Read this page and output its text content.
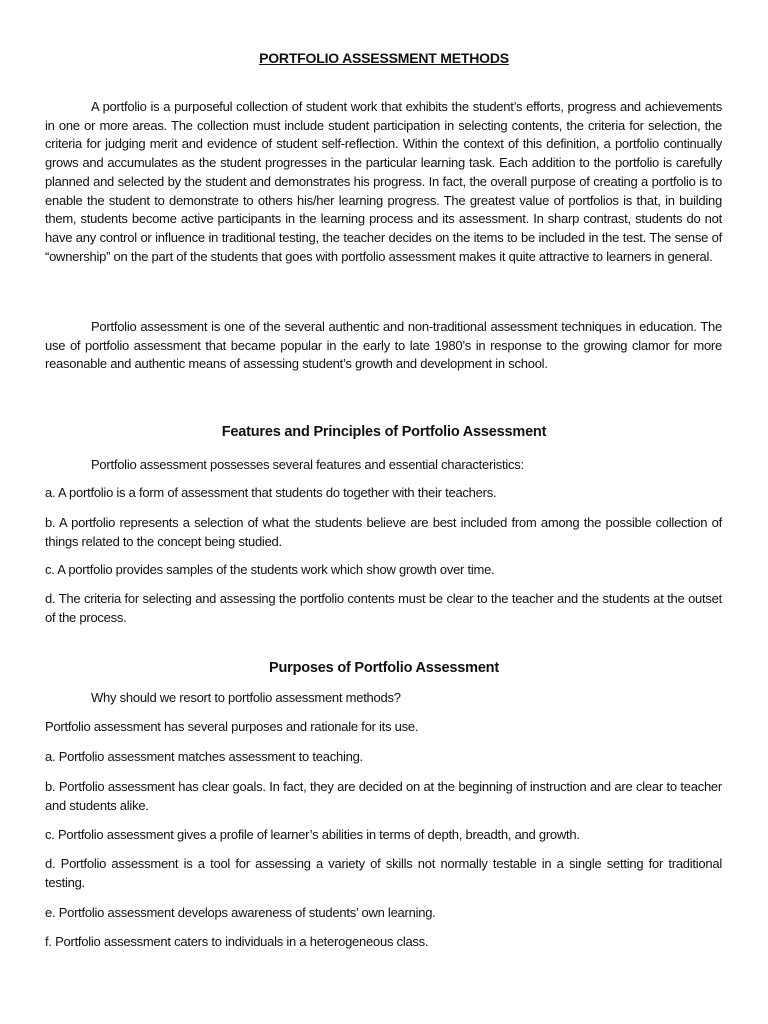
PORTFOLIO ASSESSMENT METHODS

A portfolio is a purposeful collection of student work that exhibits the student’s efforts, progress and achievements in one or more areas. The collection must include student participation in selecting contents, the criteria for selection, the criteria for judging merit and evidence of student self-reflection. Within the context of this definition, a portfolio continually grows and accumulates as the student progresses in the particular learning task. Each addition to the portfolio is carefully planned and selected by the student and demonstrates his progress. In fact, the overall purpose of creating a portfolio is to enable the student to demonstrate to others his/her learning progress. The greatest value of portfolios is that, in building them, students become active participants in the learning process and its assessment. In sharp contrast, students do not have any control or influence in traditional testing, the teacher decides on the items to be included in the test. The sense of “ownership” on the part of the students that goes with portfolio assessment makes it quite attractive to learners in general.

Portfolio assessment is one of the several authentic and non-traditional assessment techniques in education. The use of portfolio assessment that became popular in the early to late 1980’s in response to the growing clamor for more reasonable and authentic means of assessing student’s growth and development in school.

Features and Principles of Portfolio Assessment

Portfolio assessment possesses several features and essential characteristics:

a. A portfolio is a form of assessment that students do together with their teachers.

b. A portfolio represents a selection of what the students believe are best included from among the possible collection of things related to the concept being studied.

c. A portfolio provides samples of the students work which show growth over time.

d. The criteria for selecting and assessing the portfolio contents must be clear to the teacher and the students at the outset of the process.

Purposes of Portfolio Assessment

Why should we resort to portfolio assessment methods?

Portfolio assessment has several purposes and rationale for its use.

a. Portfolio assessment matches assessment to teaching.

b. Portfolio assessment has clear goals. In fact, they are decided on at the beginning of instruction and are clear to teacher and students alike.

c. Portfolio assessment gives a profile of learner’s abilities in terms of depth, breadth, and growth.

d. Portfolio assessment is a tool for assessing a variety of skills not normally testable in a single setting for traditional testing.

e. Portfolio assessment develops awareness of students’ own learning.

f. Portfolio assessment caters to individuals in a heterogeneous class.
